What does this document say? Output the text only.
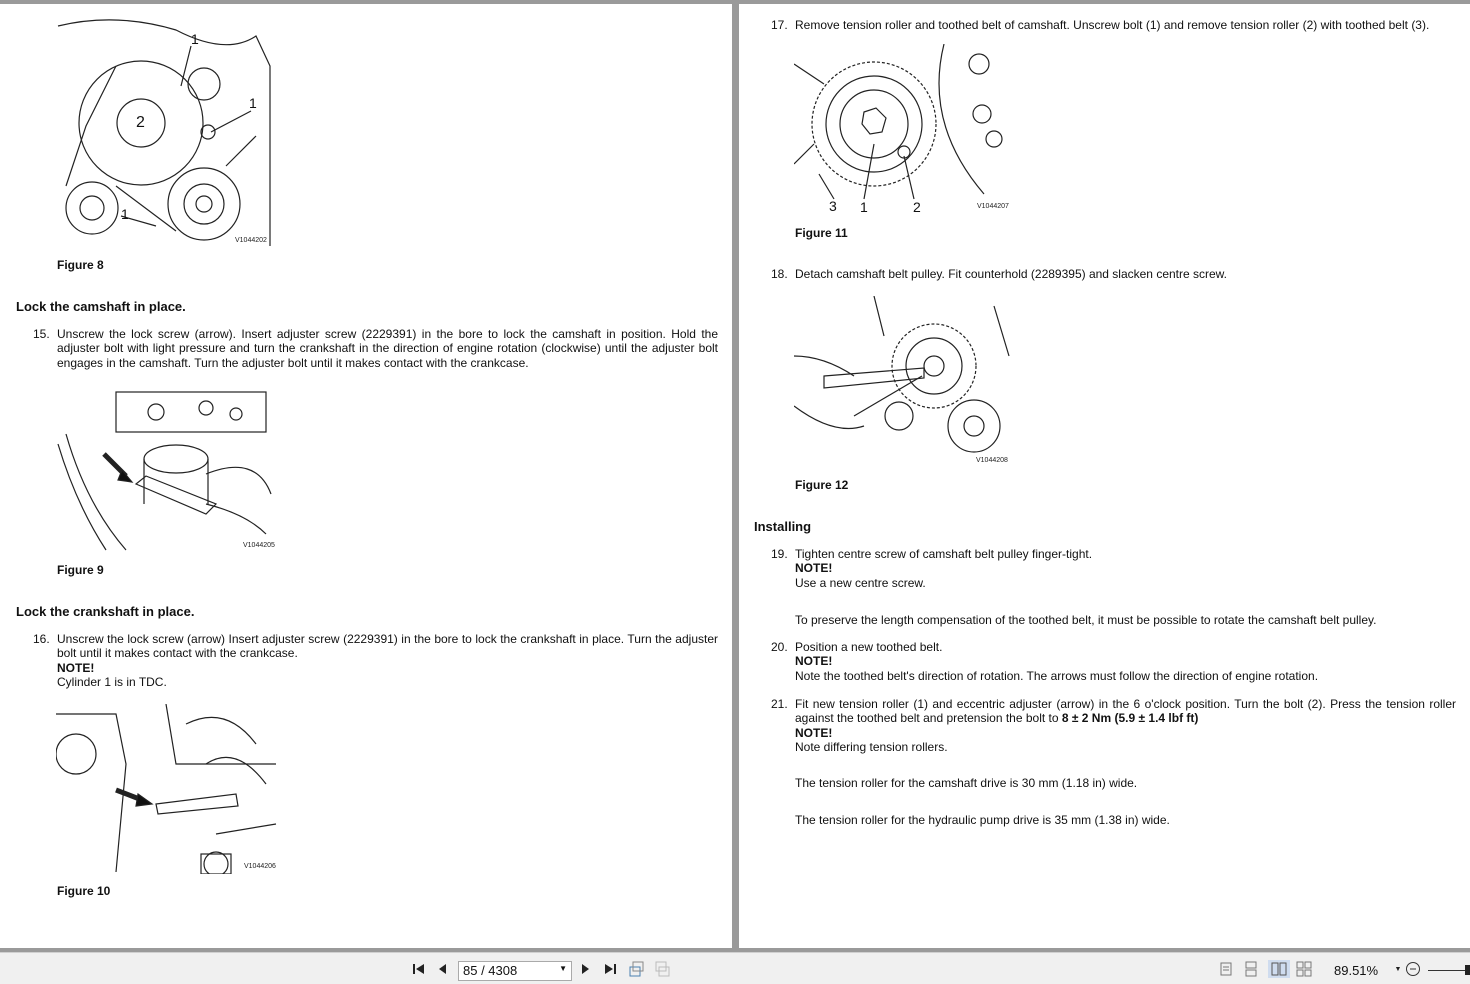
1
1
2
1
V1044202
Figure 8
Lock the camshaft in place.
15. Unscrew the lock screw (arrow). Insert adjuster screw (2229391) in the bore to lock the camshaft in position. Hold the adjuster bolt with light pressure and turn the crankshaft in the direction of engine rotation (clockwise) until the adjuster bolt engages in the camshaft. Turn the adjuster bolt until it makes contact with the crankcase.
V1044205
Figure 9
Lock the crankshaft in place.
16. Unscrew the lock screw (arrow) Insert adjuster screw (2229391) in the bore to lock the crankshaft in place. Turn the adjuster bolt until it makes contact with the crankcase.
NOTE!
Cylinder 1 is in TDC.
V1044206
Figure 10
17. Remove tension roller and toothed belt of camshaft. Unscrew bolt (1) and remove tension roller (2) with toothed belt (3).
3 1	2	V1044207
Figure 11
18. Detach camshaft belt pulley. Fit counterhold (2289395) and slacken centre screw.
V1044208
Figure 12
Installing
19. Tighten centre screw of camshaft belt pulley finger-tight.
NOTE!
Use a new centre screw.
To preserve the length compensation of the toothed belt, it must be possible to rotate the camshaft belt pulley.
20. Position a new toothed belt.
NOTE!
Note the toothed belt's direction of rotation. The arrows must follow the direction of engine rotation.
21. Fit new tension roller (1) and eccentric adjuster (arrow) in the 6 o'clock position. Turn the bolt (2). Press the tension roller against the toothed belt and pretension the bolt to 8 ± 2 Nm (5.9 ± 1.4 lbf ft)
NOTE!
Note differing tension rollers.
The tension roller for the camshaft drive is 30 mm (1.18 in) wide.
The tension roller for the hydraulic pump drive is 35 mm (1.38 in) wide.
85 / 4308	▼	89.51% ▼
